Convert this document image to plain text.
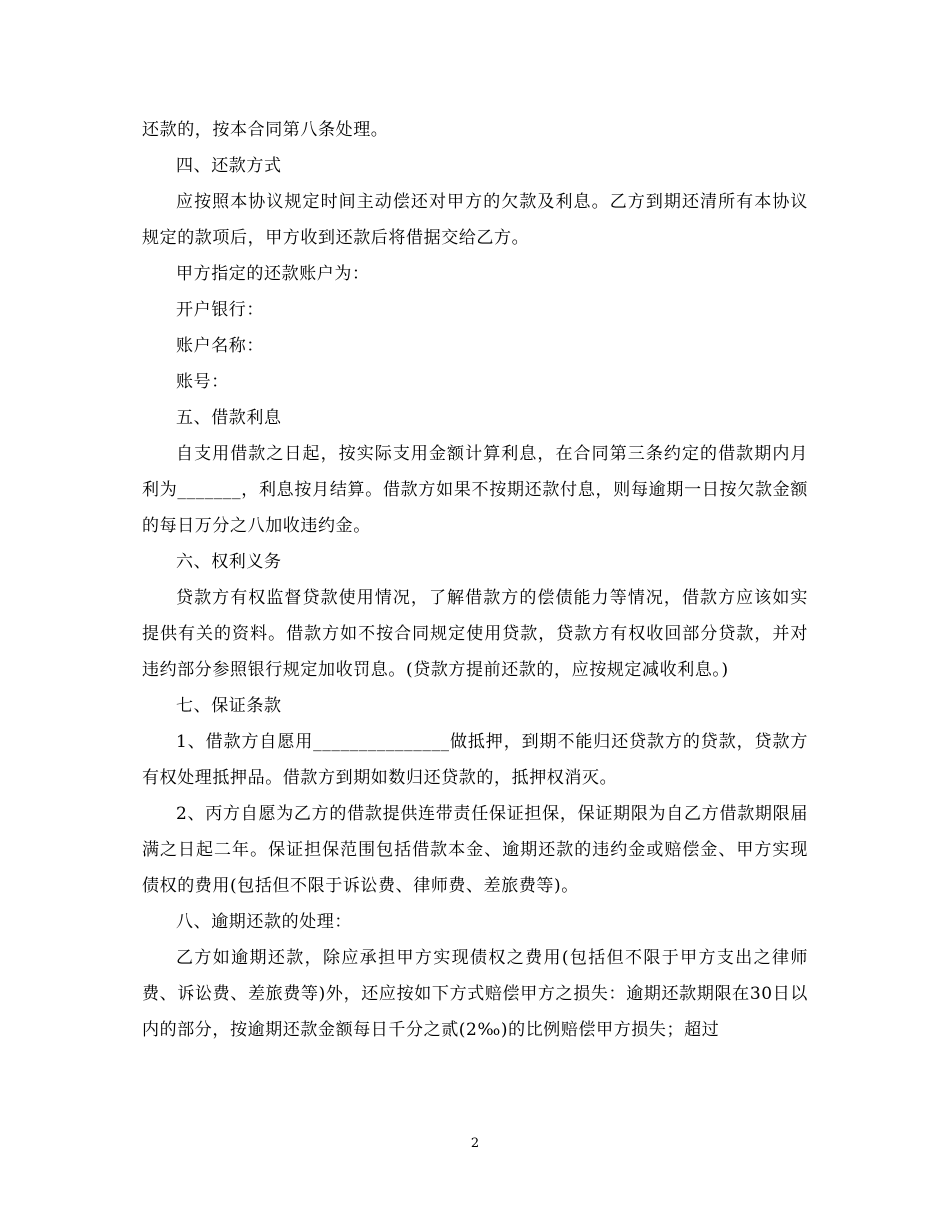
还款的，按本合同第八条处理。

四、还款方式

应按照本协议规定时间主动偿还对甲方的欠款及利息。乙方到期还清所有本协议规定的款项后，甲方收到还款后将借据交给乙方。

甲方指定的还款账户为：

开户银行：

账户名称：

账号：

五、借款利息

自支用借款之日起，按实际支用金额计算利息，在合同第三条约定的借款期内月利为_______，利息按月结算。借款方如果不按期还款付息，则每逾期一日按欠款金额的每日万分之八加收违约金。

六、权利义务

贷款方有权监督贷款使用情况，了解借款方的偿债能力等情况，借款方应该如实提供有关的资料。借款方如不按合同规定使用贷款，贷款方有权收回部分贷款，并对违约部分参照银行规定加收罚息。(贷款方提前还款的，应按规定减收利息。)

七、保证条款

1、借款方自愿用_______________做抵押，到期不能归还贷款方的贷款，贷款方有权处理抵押品。借款方到期如数归还贷款的，抵押权消灭。

2、丙方自愿为乙方的借款提供连带责任保证担保，保证期限为自乙方借款期限届满之日起二年。保证担保范围包括借款本金、逾期还款的违约金或赔偿金、甲方实现债权的费用(包括但不限于诉讼费、律师费、差旅费等)。

八、逾期还款的处理：

乙方如逾期还款，除应承担甲方实现债权之费用(包括但不限于甲方支出之律师费、诉讼费、差旅费等)外，还应按如下方式赔偿甲方之损失：逾期还款期限在30日以内的部分，按逾期还款金额每日千分之贰(2‰)的比例赔偿甲方损失；超过

2
